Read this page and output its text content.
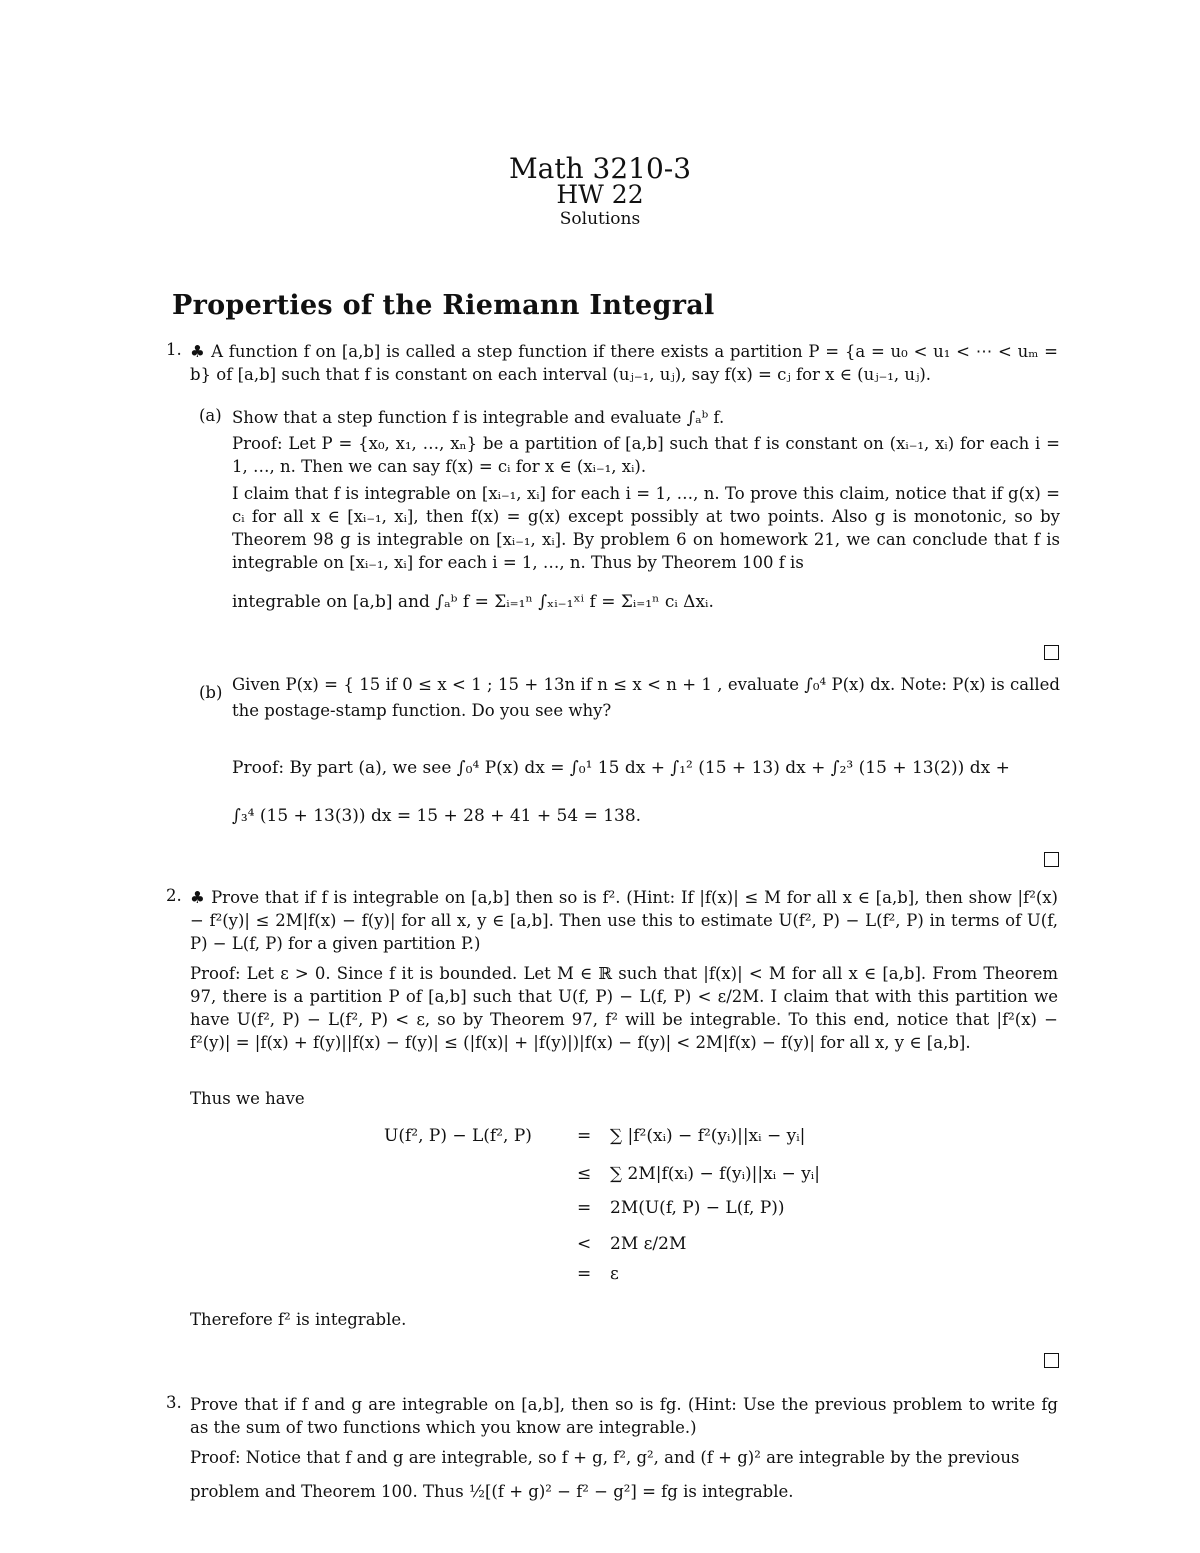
Math 3210-3
HW 22
Solutions
Properties of the Riemann Integral
1. ♣ A function f on [a,b] is called a step function if there exists a partition P = {a = u₀ < u₁ < ⋯ < uₘ = b} of [a,b] such that f is constant on each interval (uⱼ₋₁, uⱼ), say f(x) = cⱼ for x ∈ (uⱼ₋₁, uⱼ).
(a) Show that a step function f is integrable and evaluate ∫ₐᵇ f.
Proof: Let P = {x₀, x₁, …, xₙ} be a partition of [a,b] such that f is constant on (xᵢ₋₁, xᵢ) for each i = 1, …, n. Then we can say f(x) = cᵢ for x ∈ (xᵢ₋₁, xᵢ).
I claim that f is integrable on [xᵢ₋₁, xᵢ] for each i = 1, …, n. To prove this claim, notice that if g(x) = cᵢ for all x ∈ [xᵢ₋₁, xᵢ], then f(x) = g(x) except possibly at two points. Also g is monotonic, so by Theorem 98 g is integrable on [xᵢ₋₁, xᵢ]. By problem 6 on homework 21, we can conclude that f is integrable on [xᵢ₋₁, xᵢ] for each i = 1, …, n. Thus by Theorem 100 f is
integrable on [a,b] and ∫ₐᵇ f = Σᵢ₌₁ⁿ ∫ₓᵢ₋₁ˣⁱ f = Σᵢ₌₁ⁿ cᵢ Δxᵢ.
(b) Given P(x) = { 15 if 0 ≤ x < 1 ; 15 + 13n if n ≤ x < n + 1 , evaluate ∫₀⁴ P(x) dx. Note: P(x) is called the postage-stamp function. Do you see why?
Proof: By part (a), we see ∫₀⁴ P(x) dx = ∫₀¹ 15 dx + ∫₁² (15 + 13) dx + ∫₂³ (15 + 13(2)) dx +
∫₃⁴ (15 + 13(3)) dx = 15 + 28 + 41 + 54 = 138.
2. ♣ Prove that if f is integrable on [a,b] then so is f². (Hint: If |f(x)| ≤ M for all x ∈ [a,b], then show |f²(x) − f²(y)| ≤ 2M|f(x) − f(y)| for all x, y ∈ [a,b]. Then use this to estimate U(f², P) − L(f², P) in terms of U(f, P) − L(f, P) for a given partition P.)
Proof: Let ε > 0. Since f it is bounded. Let M ∈ ℝ such that |f(x)| < M for all x ∈ [a,b]. From Theorem 97, there is a partition P of [a,b] such that U(f, P) − L(f, P) < ε/2M. I claim that with this partition we have U(f², P) − L(f², P) < ε, so by Theorem 97, f² will be integrable. To this end, notice that |f²(x) − f²(y)| = |f(x) + f(y)||f(x) − f(y)| ≤ (|f(x)| + |f(y)|)|f(x) − f(y)| < 2M|f(x) − f(y)| for all x, y ∈ [a,b].
Thus we have
U(f², P) − L(f², P)	= ∑ |f²(xᵢ) − f²(yᵢ)||xᵢ − yᵢ|
≤ ∑ 2M|f(xᵢ) − f(yᵢ)||xᵢ − yᵢ|
= 2M(U(f, P) − L(f, P))
< 2M ε/2M
= ε
Therefore f² is integrable.
3. Prove that if f and g are integrable on [a,b], then so is fg. (Hint: Use the previous problem to write fg as the sum of two functions which you know are integrable.)
Proof: Notice that f and g are integrable, so f + g, f², g², and (f + g)² are integrable by the previous
problem and Theorem 100. Thus ½[(f + g)² − f² − g²] = fg is integrable.
